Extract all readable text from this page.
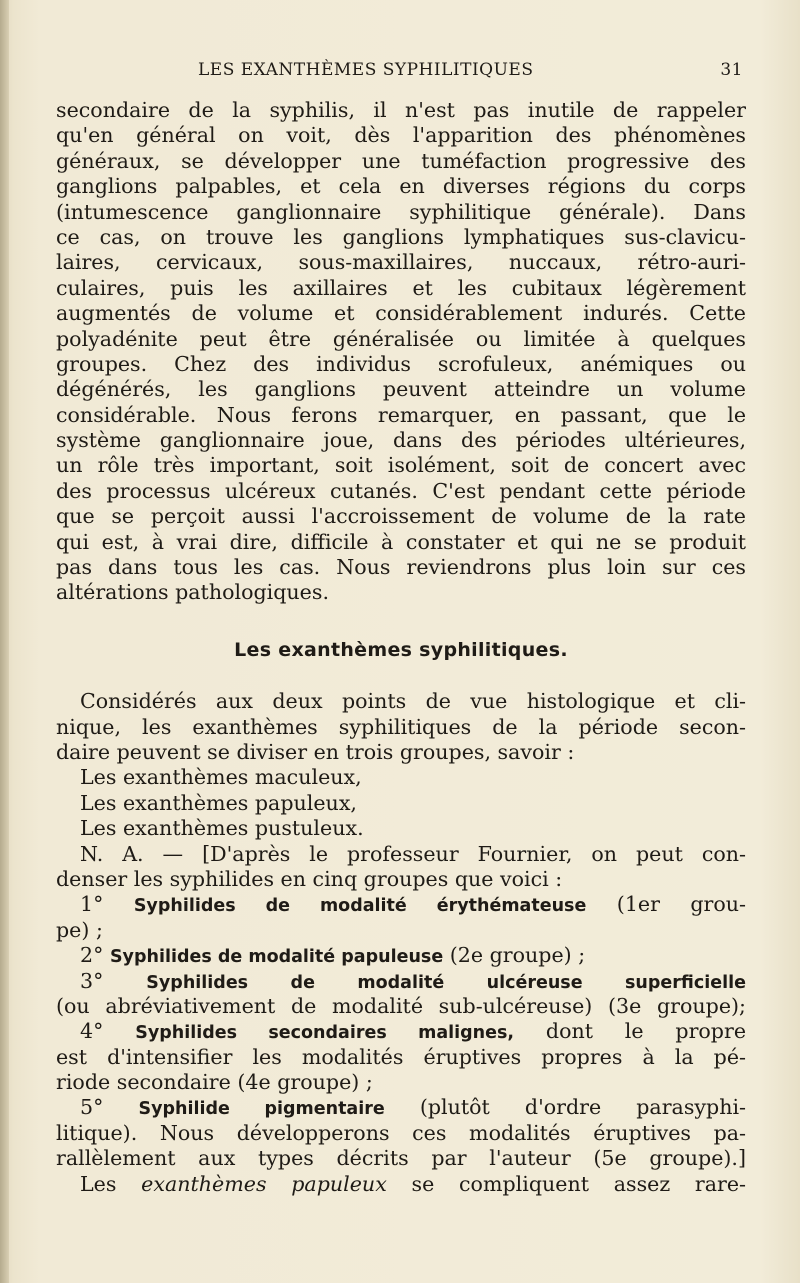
LES EXANTHÈMES SYPHILITIQUES	31
secondaire de la syphilis, il n'est pas inutile de rappeler
qu'en général on voit, dès l'apparition des phénomènes
généraux, se développer une tuméfaction progressive des
ganglions palpables, et cela en diverses régions du corps
(intumescence ganglionnaire syphilitique générale). Dans
ce cas, on trouve les ganglions lymphatiques sus-clavicu-
laires, cervicaux, sous-maxillaires, nuccaux, rétro-auri-
culaires, puis les axillaires et les cubitaux légèrement
augmentés de volume et considérablement indurés. Cette
polyadénite peut être généralisée ou limitée à quelques
groupes. Chez des individus scrofuleux, anémiques ou
dégénérés, les ganglions peuvent atteindre un volume
considérable. Nous ferons remarquer, en passant, que le
système ganglionnaire joue, dans des périodes ultérieures,
un rôle très important, soit isolément, soit de concert avec
des processus ulcéreux cutanés. C'est pendant cette période
que se perçoit aussi l'accroissement de volume de la rate
qui est, à vrai dire, difficile à constater et qui ne se produit
pas dans tous les cas. Nous reviendrons plus loin sur ces
altérations pathologiques.
Les exanthèmes syphilitiques.
Considérés aux deux points de vue histologique et cli-
nique, les exanthèmes syphilitiques de la période secon-
daire peuvent se diviser en trois groupes, savoir :
Les exanthèmes maculeux,
Les exanthèmes papuleux,
Les exanthèmes pustuleux.
N. A. — [D'après le professeur Fournier, on peut con-
denser les syphilides en cinq groupes que voici :
1° Syphilides de modalité érythémateuse (1er grou-
pe) ;
2° Syphilides de modalité papuleuse (2e groupe) ;
3° Syphilides de modalité ulcéreuse superficielle
(ou abréviativement de modalité sub-ulcéreuse) (3e groupe);
4° Syphilides secondaires malignes, dont le propre
est d'intensifier les modalités éruptives propres à la pé-
riode secondaire (4e groupe) ;
5° Syphilide pigmentaire (plutôt d'ordre parasyphi-
litique). Nous développerons ces modalités éruptives pa-
rallèlement aux types décrits par l'auteur (5e groupe).]
Les exanthèmes papuleux se compliquent assez rare-
